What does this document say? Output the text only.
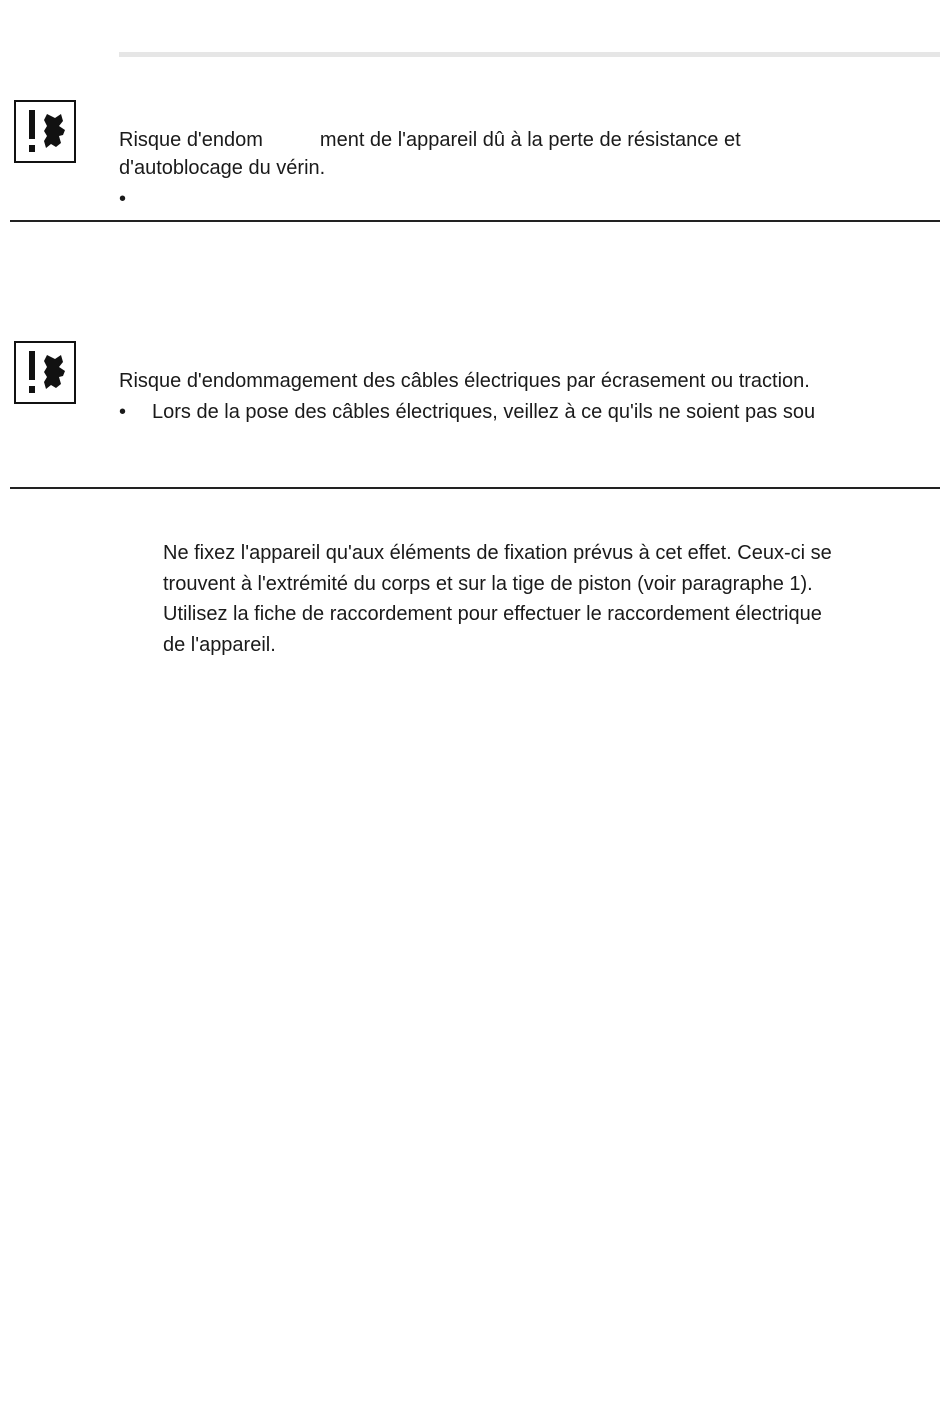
Risque d'endom	ment de l'appareil dû à la perte de résistance et
d'autoblocage du vérin.
•
Risque d'endommagement des câbles électriques par écrasement ou traction.
• Lors de la pose des câbles électriques, veillez à ce qu'ils ne soient pas sou

Ne fixez l'appareil qu'aux éléments de fixation prévus à cet effet. Ceux-ci se

trouvent à l'extrémité du corps et sur la tige de piston (voir paragraphe 1).

Utilisez la fiche de raccordement pour effectuer le raccordement électrique

de l'appareil.
